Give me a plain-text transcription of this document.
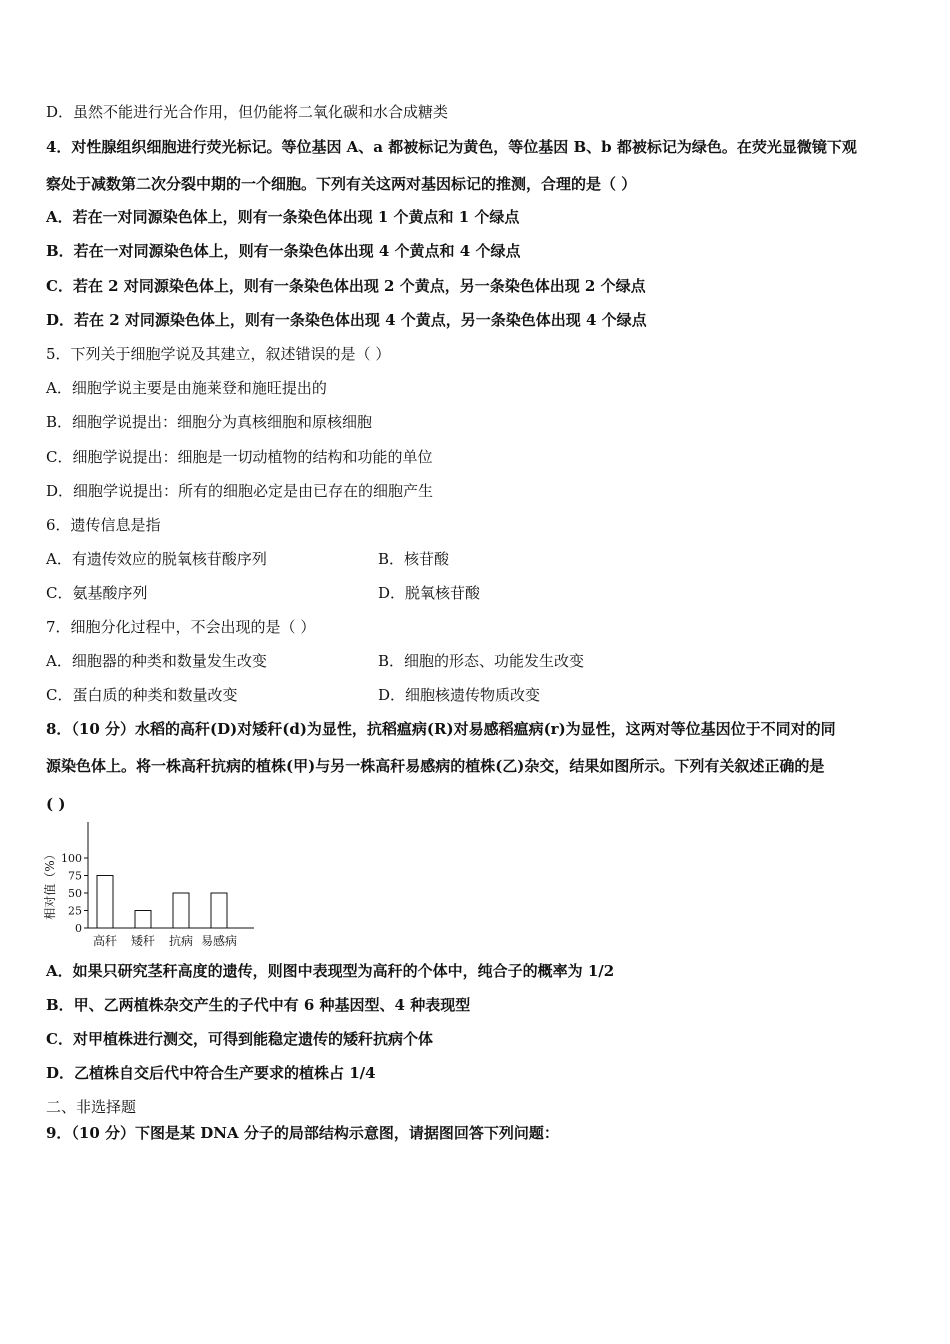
D．虽然不能进行光合作用，但仍能将二氧化碳和水合成糖类
4．对性腺组织细胞进行荧光标记。等位基因 A、a 都被标记为黄色，等位基因 B、b 都被标记为绿色。在荧光显微镜下观
察处于减数第二次分裂中期的一个细胞。下列有关这两对基因标记的推测，合理的是（ ）
A．若在一对同源染色体上，则有一条染色体出现 1 个黄点和 1 个绿点
B．若在一对同源染色体上，则有一条染色体出现 4 个黄点和 4 个绿点
C．若在 2 对同源染色体上，则有一条染色体出现 2 个黄点，另一条染色体出现 2 个绿点
D．若在 2 对同源染色体上，则有一条染色体出现 4 个黄点，另一条染色体出现 4 个绿点
5．下列关于细胞学说及其建立，叙述错误的是（ ）
A．细胞学说主要是由施莱登和施旺提出的
B．细胞学说提出：细胞分为真核细胞和原核细胞
C．细胞学说提出：细胞是一切动植物的结构和功能的单位
D．细胞学说提出：所有的细胞必定是由已存在的细胞产生
6．遗传信息是指
A．有遗传效应的脱氧核苷酸序列	B．核苷酸
C．氨基酸序列	D．脱氧核苷酸
7．细胞分化过程中，不会出现的是（ ）
A．细胞器的种类和数量发生改变	B．细胞的形态、功能发生改变
C．蛋白质的种类和数量改变	D．细胞核遗传物质改变
8．（10 分）水稻的高秆(D)对矮秆(d)为显性，抗稻瘟病(R)对易感稻瘟病(r)为显性，这两对等位基因位于不同对的同
源染色体上。将一株高秆抗病的植株(甲)与另一株高秆易感病的植株(乙)杂交，结果如图所示。下列有关叙述正确的是
( )
相对值（%）
0
25
50
75
100
高秆 矮秆 抗病 易感病
A．如果只研究茎秆高度的遗传，则图中表现型为高秆的个体中，纯合子的概率为 1/2
B．甲、乙两植株杂交产生的子代中有 6 种基因型、4 种表现型
C．对甲植株进行测交，可得到能稳定遗传的矮秆抗病个体
D．乙植株自交后代中符合生产要求的植株占 1/4
二、非选择题
9．（10 分）下图是某 DNA 分子的局部结构示意图，请据图回答下列问题：
